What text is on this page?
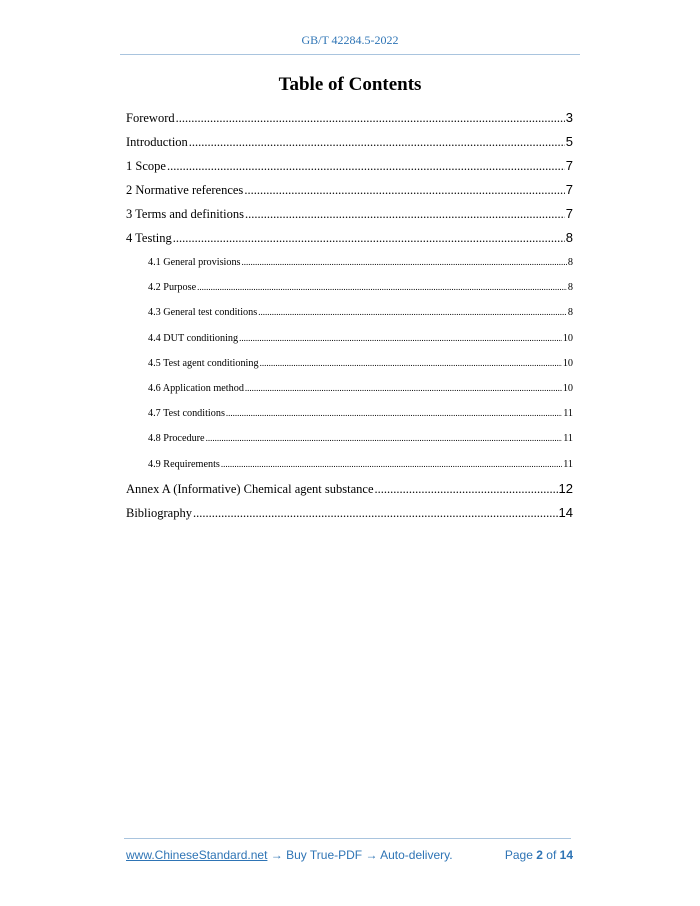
GB/T 42284.5-2022
Table of Contents
Foreword .....	3
Introduction .....	5
1 Scope .....	7
2 Normative references .....	7
3 Terms and definitions .....	7
4 Testing .....	8
4.1 General provisions .....	8
4.2 Purpose .....	8
4.3 General test conditions .....	8
4.4 DUT conditioning .....	10
4.5 Test agent conditioning .....	10
4.6 Application method .....	10
4.7 Test conditions .....	11
4.8 Procedure .....	11
4.9 Requirements .....	11
Annex A (Informative) Chemical agent substance .....	12
Bibliography .....	14
www.ChineseStandard.net → Buy True-PDF → Auto-delivery.	Page 2 of 14
